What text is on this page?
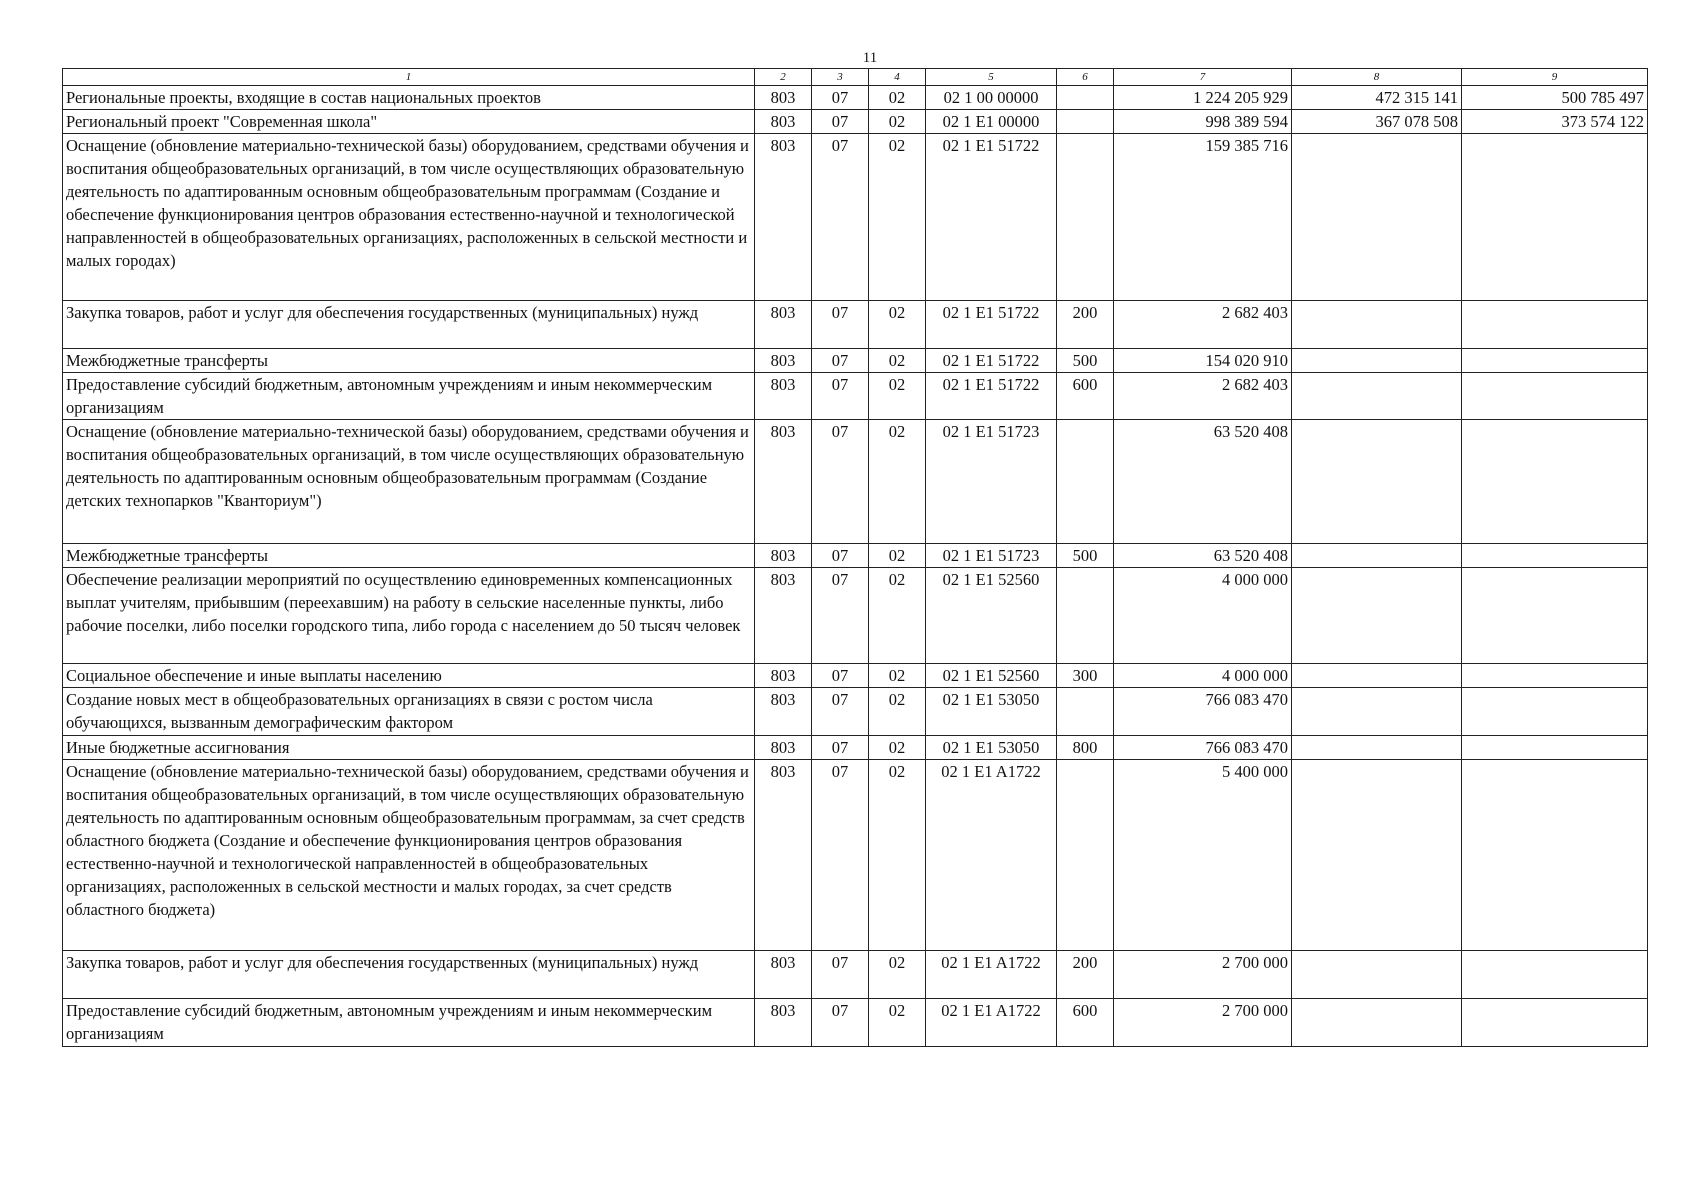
11
1	2	3	4	5	6	7	8	9
Региональные проекты, входящие в состав национальных проектов	803	07	02	02 1 00 00000		1 224 205 929	472 315 141	500 785 497
Региональный проект "Современная школа"	803	07	02	02 1 E1 00000		998 389 594	367 078 508	373 574 122
Оснащение (обновление материально-технической базы) оборудованием, средствами обучения и воспитания общеобразовательных организаций, в том числе осуществляющих образовательную деятельность по адаптированным основным общеобразовательным программам (Создание и обеспечение функционирования центров образования естественно-научной и технологической направленностей в общеобразовательных организациях, расположенных в сельской местности и малых городах)	803	07	02	02 1 E1 51722		159 385 716		
Закупка товаров, работ и услуг для обеспечения государственных (муниципальных) нужд	803	07	02	02 1 E1 51722	200	2 682 403		
Межбюджетные трансферты	803	07	02	02 1 E1 51722	500	154 020 910		
Предоставление субсидий бюджетным, автономным учреждениям и иным некоммерческим организациям	803	07	02	02 1 E1 51722	600	2 682 403		
Оснащение (обновление материально-технической базы) оборудованием, средствами обучения и воспитания общеобразовательных организаций, в том числе осуществляющих образовательную деятельность по адаптированным основным общеобразовательным программам (Создание детских технопарков "Кванториум")	803	07	02	02 1 E1 51723		63 520 408		
Межбюджетные трансферты	803	07	02	02 1 E1 51723	500	63 520 408		
Обеспечение реализации мероприятий по осуществлению единовременных компенсационных выплат учителям, прибывшим (переехавшим) на работу в сельские населенные пункты, либо рабочие поселки, либо поселки городского типа, либо города с населением до 50 тысяч человек	803	07	02	02 1 E1 52560		4 000 000		
Социальное обеспечение и иные выплаты населению	803	07	02	02 1 E1 52560	300	4 000 000		
Создание новых мест в общеобразовательных организациях в связи с ростом числа обучающихся, вызванным демографическим фактором	803	07	02	02 1 E1 53050		766 083 470		
Иные бюджетные ассигнования	803	07	02	02 1 E1 53050	800	766 083 470		
Оснащение (обновление материально-технической базы) оборудованием, средствами обучения и воспитания общеобразовательных организаций, в том числе осуществляющих образовательную деятельность по адаптированным основным общеобразовательным программам, за счет средств областного бюджета (Создание и обеспечение функционирования центров образования естественно-научной и технологической направленностей в общеобразовательных организациях, расположенных в сельской местности и малых городах, за счет средств областного бюджета)	803	07	02	02 1 E1 A1722		5 400 000		
Закупка товаров, работ и услуг для обеспечения государственных (муниципальных) нужд	803	07	02	02 1 E1 A1722	200	2 700 000		
Предоставление субсидий бюджетным, автономным учреждениям и иным некоммерческим организациям	803	07	02	02 1 E1 A1722	600	2 700 000		
